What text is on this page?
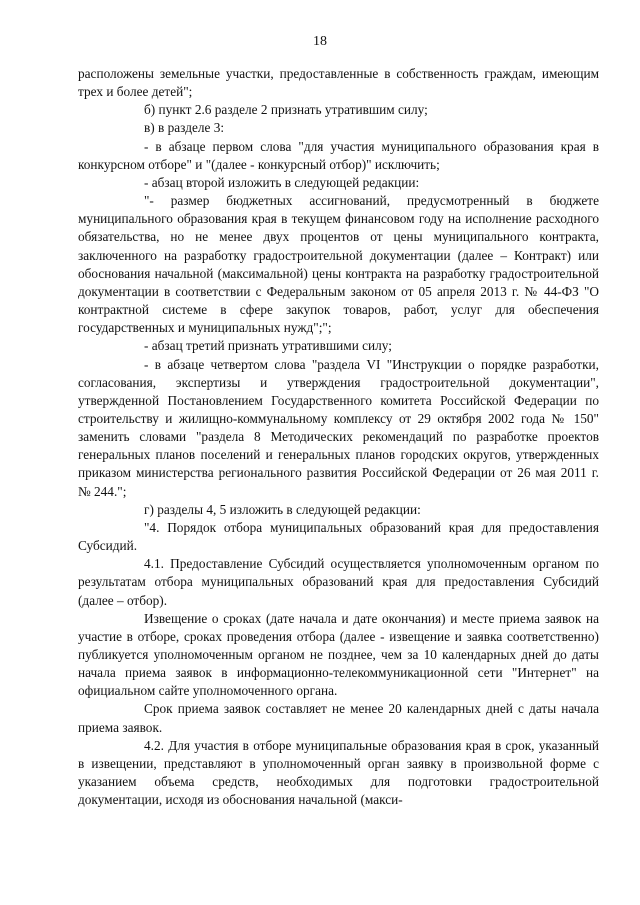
18

расположены земельные участки, предоставленные в собственность граждам, имеющим трех и более детей";

б) пункт 2.6 разделе 2 признать утратившим силу;

в) в разделе 3:

- в абзаце первом слова "для участия муниципального образования края в конкурсном отборе" и "(далее - конкурсный отбор)" исключить;

- абзац второй изложить в следующей редакции:

"- размер бюджетных ассигнований, предусмотренный в бюджете муниципального образования края в текущем финансовом году на исполнение расходного обязательства, но не менее двух процентов от цены муниципального контракта, заключенного на разработку градостроительной документации (далее – Контракт) или обоснования начальной (максимальной) цены контракта на разработку градостроительной документации в соответствии с Федеральным законом от 05 апреля 2013 г. № 44-ФЗ "О контрактной системе в сфере закупок товаров, работ, услуг для обеспечения государственных и муниципальных нужд";";

- абзац третий признать утратившими силу;

- в абзаце четвертом слова "раздела VI "Инструкции о порядке разработки, согласования, экспертизы и утверждения градостроительной документации", утвержденной Постановлением Государственного комитета Российской Федерации по строительству и жилищно-коммунальному комплексу от 29 октября 2002 года № 150" заменить словами "раздела 8 Методических рекомендаций по разработке проектов генеральных планов поселений и генеральных планов городских округов, утвержденных приказом министерства регионального развития Российской Федерации от 26 мая 2011 г. № 244.";

г) разделы 4, 5 изложить в следующей редакции:

"4. Порядок отбора муниципальных образований края для предоставления Субсидий.

4.1. Предоставление Субсидий осуществляется уполномоченным органом по результатам отбора муниципальных образований края для предоставления Субсидий (далее – отбор).

Извещение о сроках (дате начала и дате окончания) и месте приема заявок на участие в отборе, сроках проведения отбора (далее - извещение и заявка соответственно) публикуется уполномоченным органом не позднее, чем за 10 календарных дней до даты начала приема заявок в информационно-телекоммуникационной сети "Интернет" на официальном сайте уполномоченного органа.

Срок приема заявок составляет не менее 20 календарных дней с даты начала приема заявок.

4.2. Для участия в отборе муниципальные образования края в срок, указанный в извещении, представляют в уполномоченный орган заявку в произвольной форме с указанием объема средств, необходимых для подготовки градостроительной документации, исходя из обоснования начальной (макси-
